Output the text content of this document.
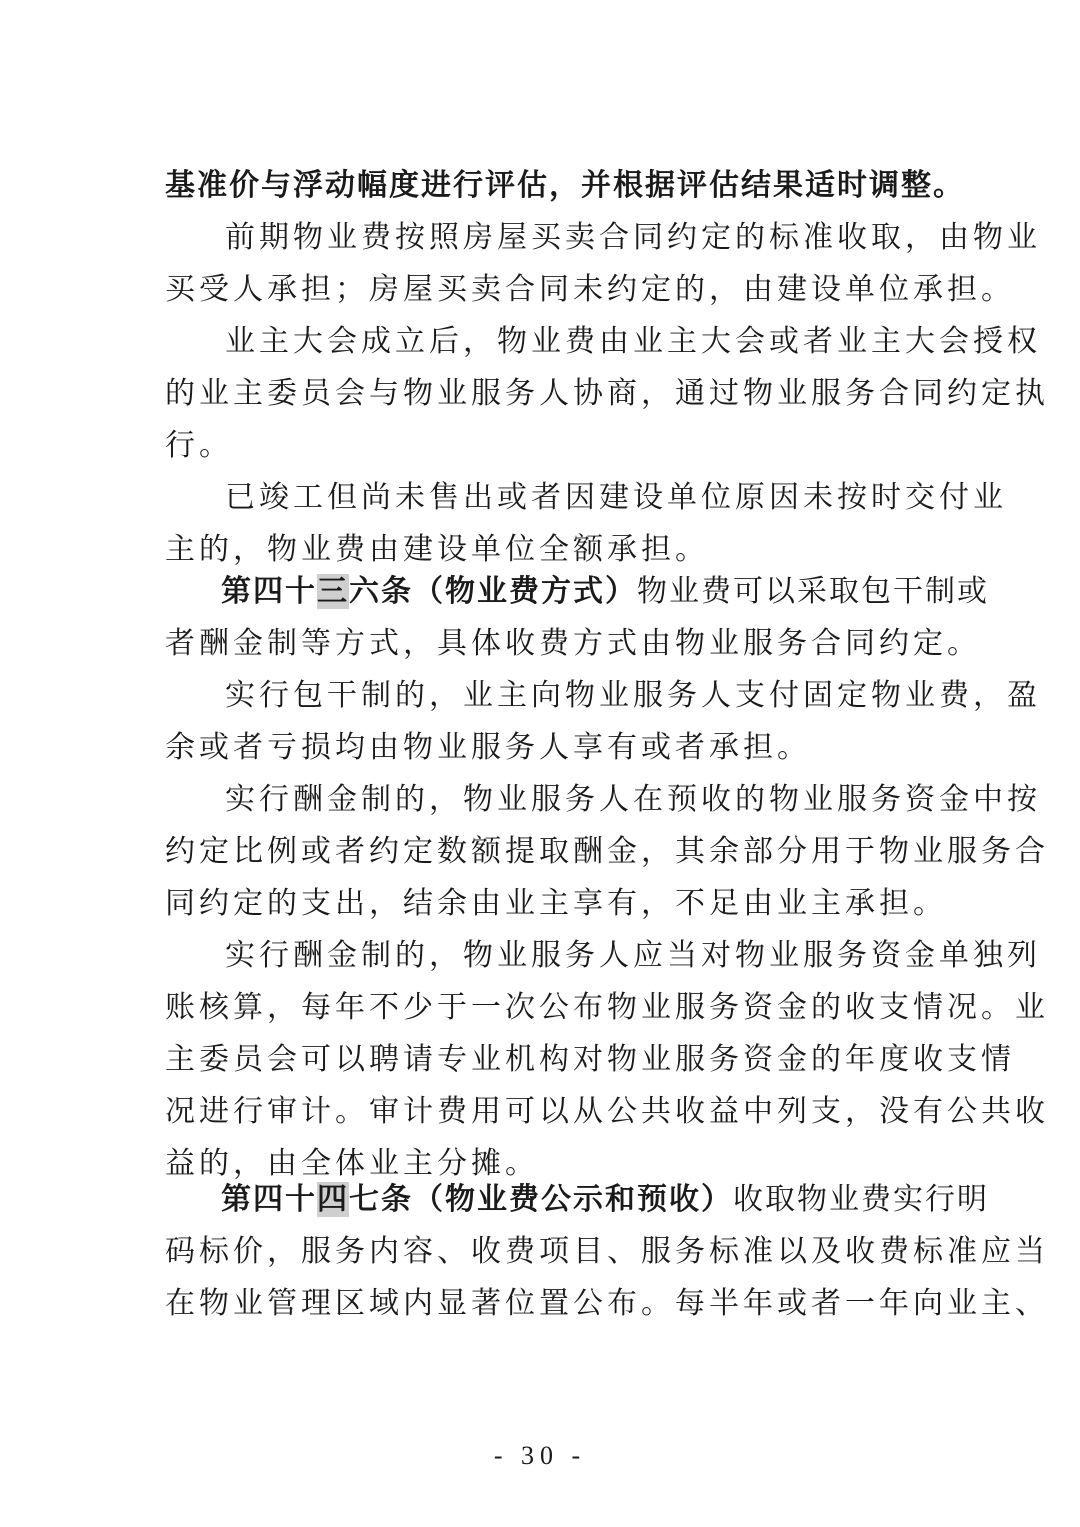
基准价与浮动幅度进行评估，并根据评估结果适时调整。
前期物业费按照房屋买卖合同约定的标准收取，由物业
买受人承担；房屋买卖合同未约定的，由建设单位承担。
业主大会成立后，物业费由业主大会或者业主大会授权
的业主委员会与物业服务人协商，通过物业服务合同约定执
行。
已竣工但尚未售出或者因建设单位原因未按时交付业
主的，物业费由建设单位全额承担。
第四十三六条（物业费方式）物业费可以采取包干制或
者酬金制等方式，具体收费方式由物业服务合同约定。
实行包干制的，业主向物业服务人支付固定物业费，盈
余或者亏损均由物业服务人享有或者承担。
实行酬金制的，物业服务人在预收的物业服务资金中按
约定比例或者约定数额提取酬金，其余部分用于物业服务合
同约定的支出，结余由业主享有，不足由业主承担。
实行酬金制的，物业服务人应当对物业服务资金单独列
账核算，每年不少于一次公布物业服务资金的收支情况。业
主委员会可以聘请专业机构对物业服务资金的年度收支情
况进行审计。审计费用可以从公共收益中列支，没有公共收
益的，由全体业主分摊。
第四十四七条（物业费公示和预收）收取物业费实行明
码标价，服务内容、收费项目、服务标准以及收费标准应当
在物业管理区域内显著位置公布。每半年或者一年向业主、
- 30 -
